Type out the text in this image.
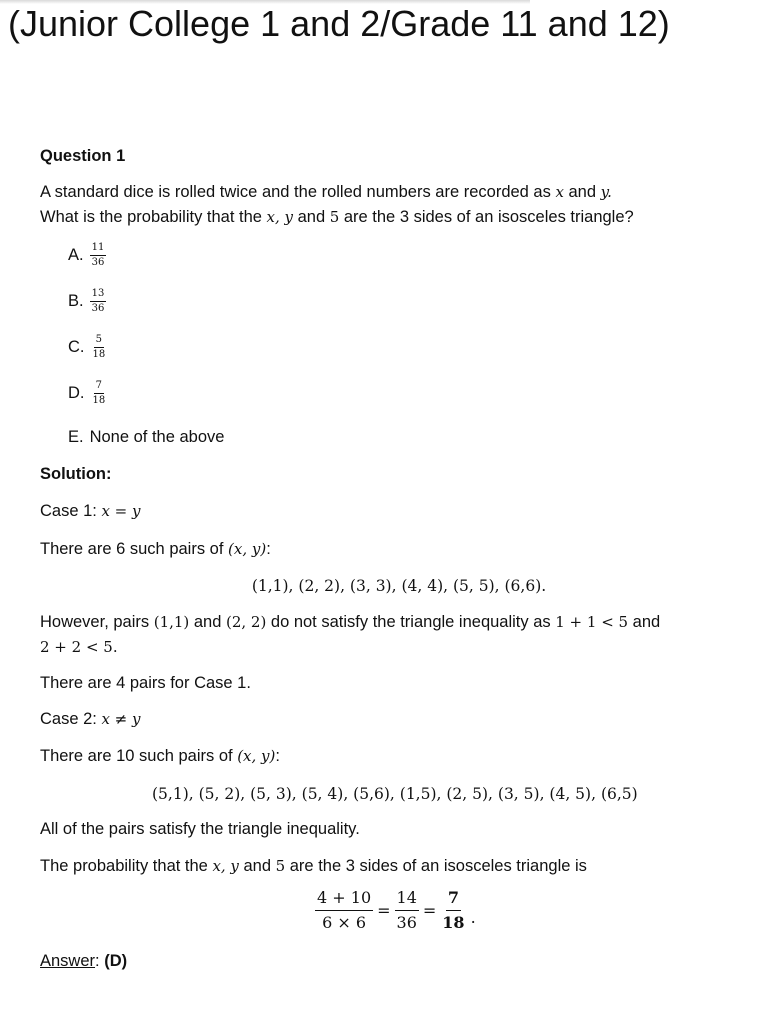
(Junior College 1 and 2/Grade 11 and 12)
Question 1
A standard dice is rolled twice and the rolled numbers are recorded as x and y.
What is the probability that the x, y and 5 are the 3 sides of an isosceles triangle?
A. $\frac{11}{36}$
B. $\frac{13}{36}$
C. $\frac{5}{18}$
D. $\frac{7}{18}$
E. None of the above
Solution:
Case 1: x = y
There are 6 such pairs of (x, y):
(1,1), (2, 2), (3, 3), (4, 4), (5, 5), (6,6).
However, pairs (1,1) and (2, 2) do not satisfy the triangle inequality as 1 + 1 < 5 and
2 + 2 < 5.
There are 4 pairs for Case 1.
Case 2: x ≠ y
There are 10 such pairs of (x, y):
(5,1), (5, 2), (5, 3), (5, 4), (5,6), (1,5), (2, 5), (3, 5), (4, 5), (6,5)
All of the pairs satisfy the triangle inequality.
The probability that the x, y and 5 are the 3 sides of an isosceles triangle is
$\frac{4 + 10}{6 \times 6} = \frac{14}{36} = \frac{7}{18}$ .
Answer: (D)
